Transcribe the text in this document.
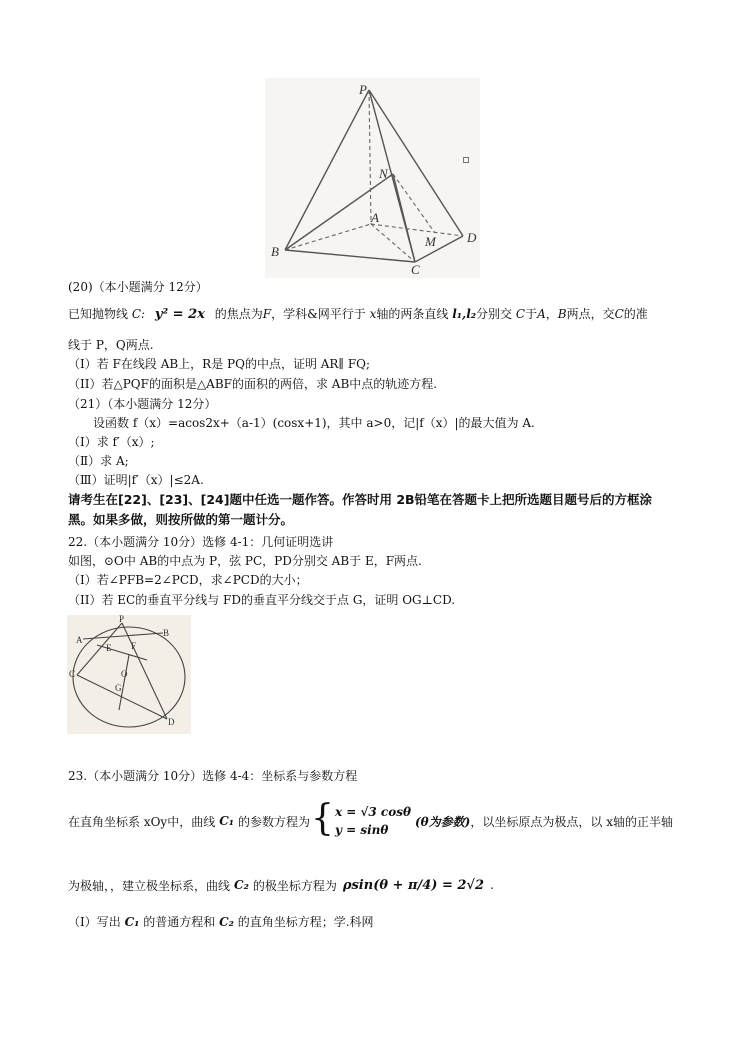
P
N
A
M
B
C
D
(20)（本小题满分 12分）
已知抛物线 C: y² = 2x 的焦点为F，学科&网平行于 x轴的两条直线 l₁,l₂分别交 C于A，B两点，交C的准
线于 P，Q两点.
（I）若 F在线段 AB上，R是 PQ的中点，证明 AR∥ FQ;
（II）若△PQF的面积是△ABF的面积的两倍，求 AB中点的轨迹方程.
（21）（本小题满分 12分）
设函数 f（x）=acos2x+（a-1）(cosx+1)，其中 a>0，记|f（x）|的最大值为 A.
（Ⅰ）求 f′（x）;
（Ⅱ）求 A;
（Ⅲ）证明|f′（x）|≤2A.
请考生在[22]、[23]、[24]题中任选一题作答。作答时用 2B铅笔在答题卡上把所选题目题号后的方框涂
黑。如果多做，则按所做的第一题计分。
22.（本小题满分 10分）选修 4-1：几何证明选讲
如图，⊙O中 AB的中点为 P，弦 PC，PD分别交 AB于 E，F两点.
（I）若∠PFB=2∠PCD，求∠PCD的大小；
（II）若 EC的垂直平分线与 FD的垂直平分线交于点 G，证明 OG⊥CD.
P
B
A
E F
O
C
G
D
23.（本小题满分 10分）选修 4-4：坐标系与参数方程
在直角坐标系 xOy中，曲线 C₁ 的参数方程为 { x = √3 cosθ
y = sinθ
(θ为参数) ，以坐标原点为极点，以 x轴的正半轴
为极轴，，建立极坐标系，曲线 C₂ 的极坐标方程为 ρsin(θ + π/4) = 2√2 .
（I）写出 C₁ 的普通方程和 C₂ 的直角坐标方程；学.科网
